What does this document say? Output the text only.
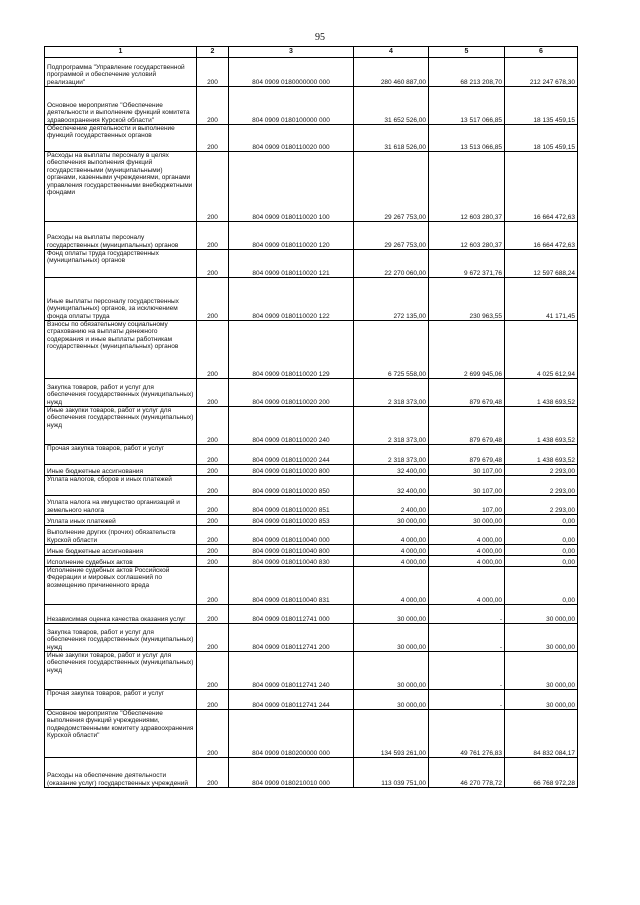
95
1	2	3	4	5	6
Подпрограмма "Управление государственной программой и обеспечение условий реализации"	200	804 0909 0180000000 000	280 460 887,00	68 213 208,70	212 247 678,30
Основное мероприятие "Обеспечение деятельности и выполнение функций комитета здравоохранения Курской области"	200	804 0909 0180100000 000	31 652 526,00	13 517 066,85	18 135 459,15

Обеспечение деятельности и выполнение функций государственных органов	200	804 0909 0180110020 000	31 618 526,00	13 513 066,85	18 105 459,15

Расходы на выплаты персоналу в целях обеспечения выполнения функций государственными (муниципальными) органами, казенными учреждениями, органами управления государственными внебюджетными фондами	200	804 0909 0180110020 100	29 267 753,00	12 603 280,37	16 664 472,63
Расходы на выплаты персоналу государственных (муниципальных) органов	200	804 0909 0180110020 120	29 267 753,00	12 603 280,37	16 664 472,63

Фонд оплаты труда государственных (муниципальных) органов	200	804 0909 0180110020 121	22 270 060,00	9 672 371,76	12 597 688,24
Иные выплаты персоналу государственных (муниципальных) органов, за исключением фонда оплаты труда	200	804 0909 0180110020 122	272 135,00	230 963,55	41 171,45

Взносы по обязательному социальному страхованию на выплаты денежного содержания и иные выплаты работникам государственных (муниципальных) органов	200	804 0909 0180110020 129	6 725 558,00	2 699 945,06	4 025 612,94
Закупка товаров, работ и услуг для обеспечения государственных (муниципальных) нужд	200	804 0909 0180110020 200	2 318 373,00	879 679,48	1 438 693,52

Иные закупки товаров, работ и услуг для обеспечения государственных (муниципальных) нужд	200	804 0909 0180110020 240	2 318 373,00	879 679,48	1 438 693,52

Прочая закупка товаров, работ и услуг	200	804 0909 0180110020 244	2 318 373,00	879 679,48	1 438 693,52
Иные бюджетные ассигнования	200	804 0909 0180110020 800	32 400,00	30 107,00	2 293,00

Уплата налогов, сборов и иных платежей	200	804 0909 0180110020 850	32 400,00	30 107,00	2 293,00
Уплата налога на имущество организаций и земельного налога	200	804 0909 0180110020 851	2 400,00	107,00	2 293,00
Уплата иных платежей	200	804 0909 0180110020 853	30 000,00	30 000,00	0,00
Выполнение других (прочих) обязательств Курской области	200	804 0909 0180110040 000	4 000,00	4 000,00	0,00
Иные бюджетные ассигнования	200	804 0909 0180110040 800	4 000,00	4 000,00	0,00
Исполнение судебных актов	200	804 0909 0180110040 830	4 000,00	4 000,00	0,00

Исполнение судебных актов Российской Федерации и мировых соглашений по возмещению причиненного вреда	200	804 0909 0180110040 831	4 000,00	4 000,00	0,00
Независимая оценка качества оказания услуг	200	804 0909 0180112741 000	30 000,00	-	30 000,00
Закупка товаров, работ и услуг для обеспечения государственных (муниципальных) нужд	200	804 0909 0180112741 200	30 000,00	-	30 000,00

Иные закупки товаров, работ и услуг для обеспечения государственных (муниципальных) нужд	200	804 0909 0180112741 240	30 000,00	-	30 000,00

Прочая закупка товаров, работ и услуг	200	804 0909 0180112741 244	30 000,00	-	30 000,00

Основное мероприятие "Обеспечение выполнения функций учреждениями, подведомственными комитету здравоохранения Курской области"	200	804 0909 0180200000 000	134 593 261,00	49 761 276,83	84 832 084,17
Расходы на обеспечение деятельности (оказание услуг) государственных учреждений	200	804 0909 0180210010 000	113 039 751,00	46 270 778,72	66 768 972,28
